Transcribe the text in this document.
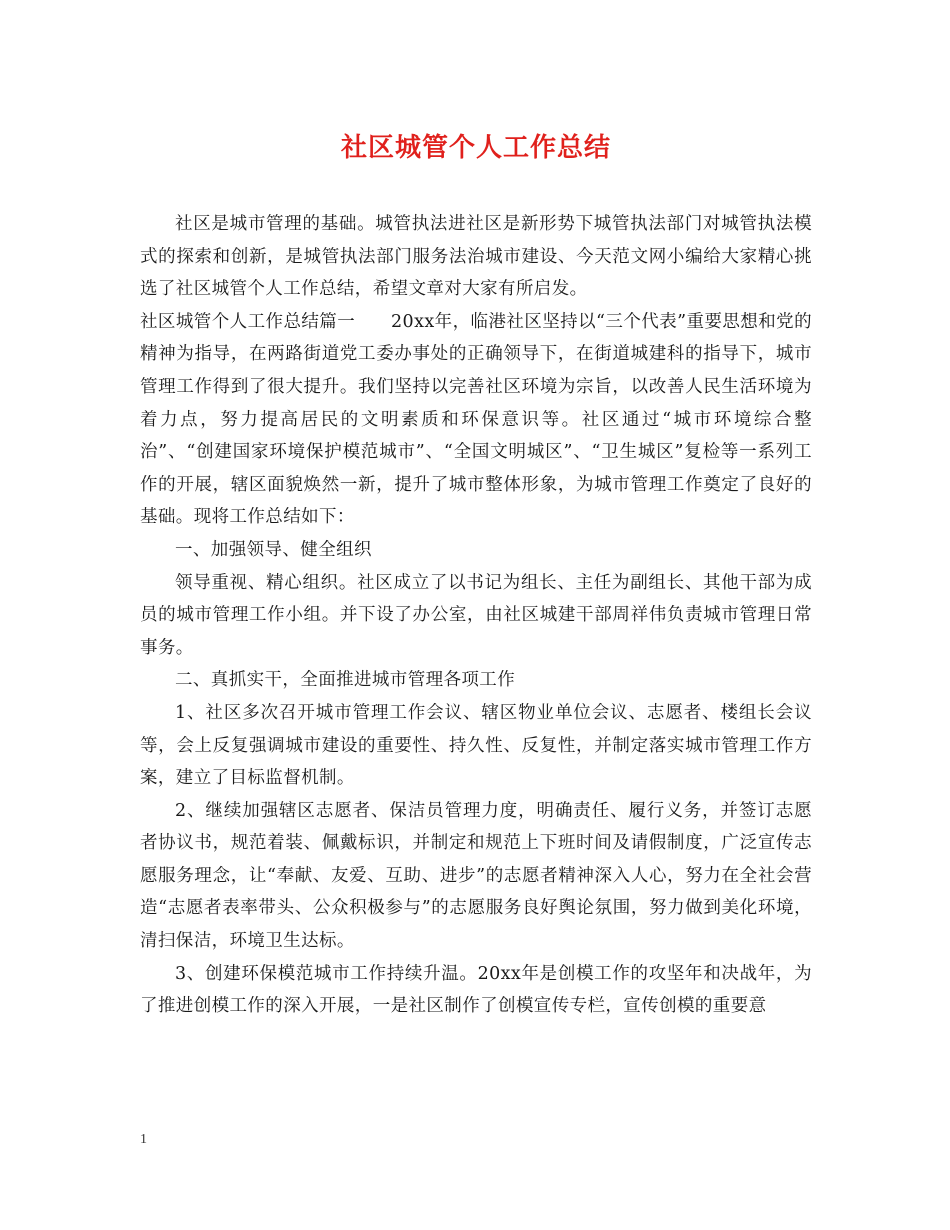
社区城管个人工作总结

社区是城市管理的基础。城管执法进社区是新形势下城管执法部门对城管执法模式的探索和创新，是城管执法部门服务法治城市建设、今天范文网小编给大家精心挑选了社区城管个人工作总结，希望文章对大家有所启发。

社区城管个人工作总结篇一　　20xx年，临港社区坚持以“三个代表”重要思想和党的精神为指导，在两路街道党工委办事处的正确领导下，在街道城建科的指导下，城市管理工作得到了很大提升。我们坚持以完善社区环境为宗旨，以改善人民生活环境为着力点，努力提高居民的文明素质和环保意识等。社区通过“城市环境综合整治”、“创建国家环境保护模范城市”、“全国文明城区”、“卫生城区”复检等一系列工作的开展，辖区面貌焕然一新，提升了城市整体形象，为城市管理工作奠定了良好的基础。现将工作总结如下：

一、加强领导、健全组织

领导重视、精心组织。社区成立了以书记为组长、主任为副组长、其他干部为成员的城市管理工作小组。并下设了办公室，由社区城建干部周祥伟负责城市管理日常事务。

二、真抓实干，全面推进城市管理各项工作

1、社区多次召开城市管理工作会议、辖区物业单位会议、志愿者、楼组长会议等，会上反复强调城市建设的重要性、持久性、反复性，并制定落实城市管理工作方案，建立了目标监督机制。

2、继续加强辖区志愿者、保洁员管理力度，明确责任、履行义务，并签订志愿者协议书，规范着装、佩戴标识，并制定和规范上下班时间及请假制度，广泛宣传志愿服务理念，让“奉献、友爱、互助、进步”的志愿者精神深入人心，努力在全社会营造“志愿者表率带头、公众积极参与”的志愿服务良好舆论氛围，努力做到美化环境，清扫保洁，环境卫生达标。

3、创建环保模范城市工作持续升温。20xx年是创模工作的攻坚年和决战年，为了推进创模工作的深入开展，一是社区制作了创模宣传专栏，宣传创模的重要意

1
